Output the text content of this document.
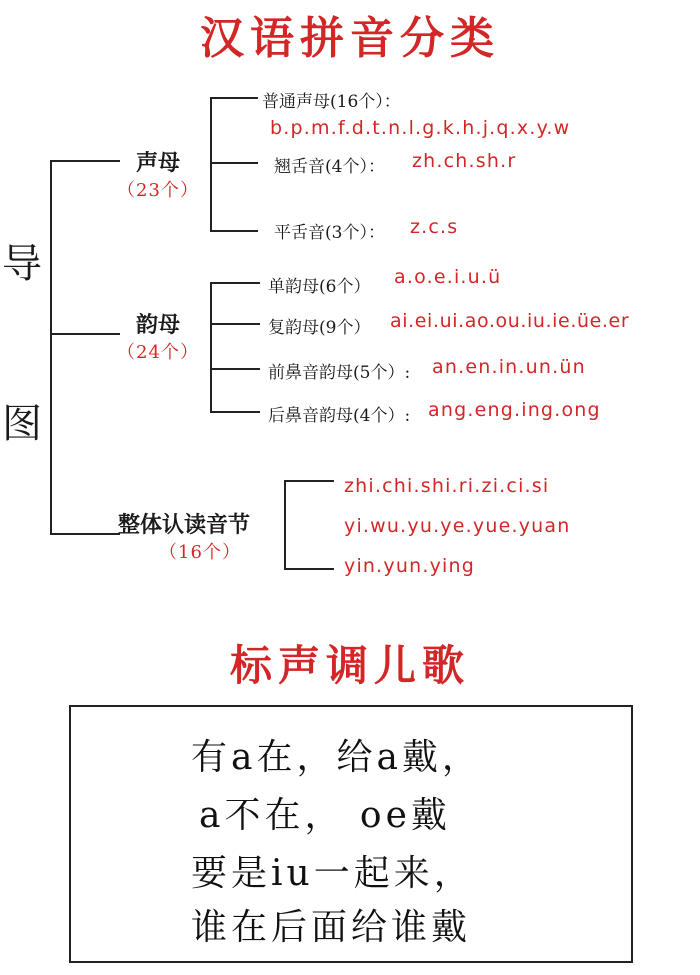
汉语拼音分类
导
图
声母
（23个）
普通声母(16个）：
b.p.m.f.d.t.n.l.g.k.h.j.q.x.y.w
翘舌音(4个）： zh.ch.sh.r
平舌音(3个）： z.c.s
韵母
（24个）
单韵母(6个） a.o.e.i.u.ü
复韵母(9个） ai.ei.ui.ao.ou.iu.ie.üe.er
前鼻音韵母(5个）: an.en.in.un.ün
后鼻音韵母(4个）: ang.eng.ing.ong
整体认读音节
（16个）
zhi.chi.shi.ri.zi.ci.si
yi.wu.yu.ye.yue.yuan
yin.yun.ying
标声调儿歌
有a在，给a戴，
a不在， oe戴
要是iu一起来，
谁在后面给谁戴
